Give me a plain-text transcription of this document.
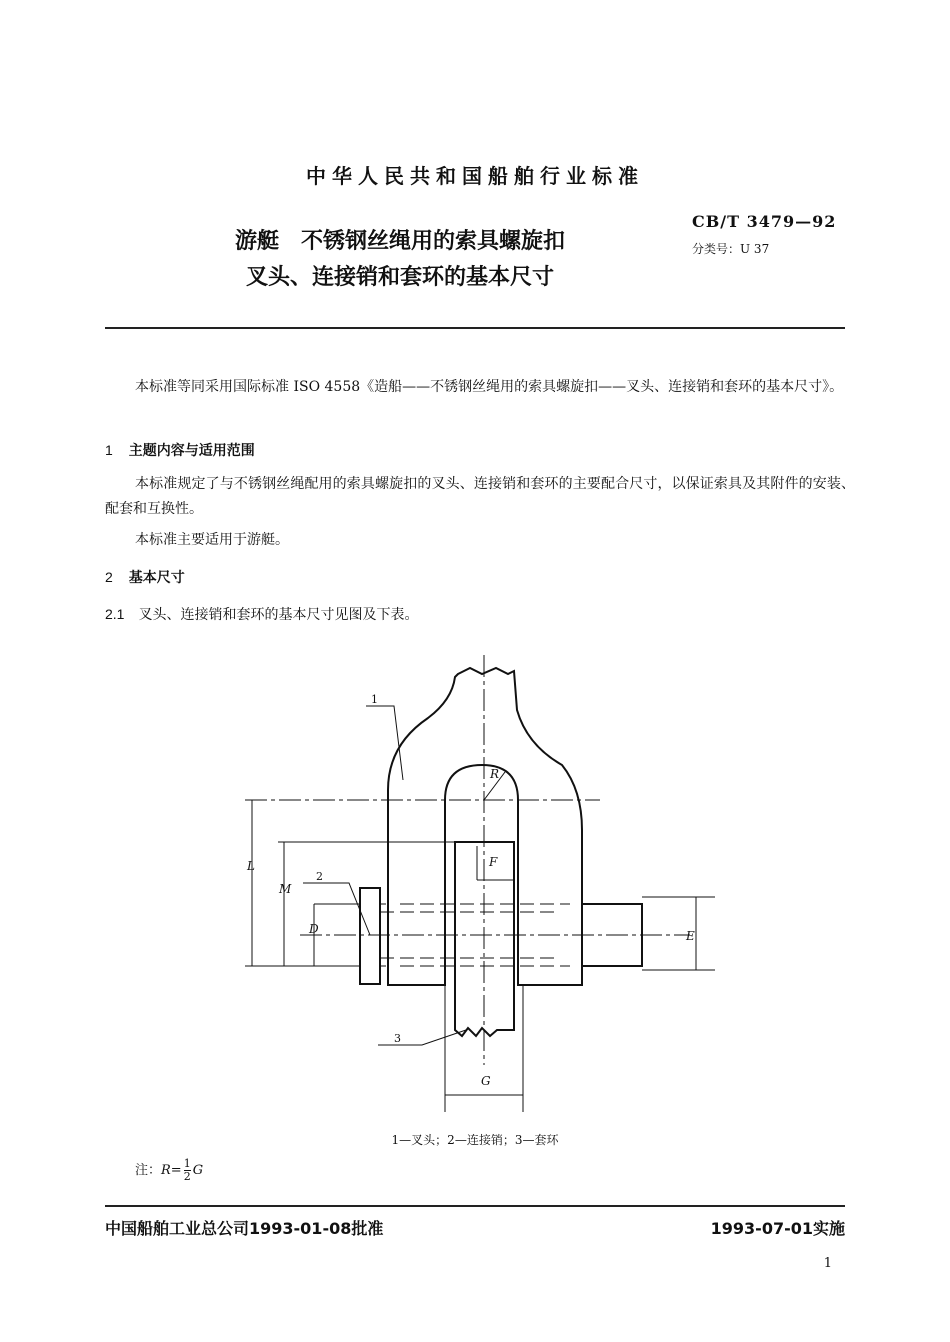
中华人民共和国船舶行业标准
游艇　不锈钢丝绳用的索具螺旋扣
叉头、连接销和套环的基本尺寸
CB/T 3479—92
分类号：U 37
本标准等同采用国际标准 ISO 4558《造船——不锈钢丝绳用的索具螺旋扣——叉头、连接销和套环的基本尺寸》。
1 主题内容与适用范围
本标准规定了与不锈钢丝绳配用的索具螺旋扣的叉头、连接销和套环的主要配合尺寸，以保证索具及其附件的安装、配套和互换性。
本标准主要适用于游艇。
2 基本尺寸
2.1 叉头、连接销和套环的基本尺寸见图及下表。
1
2
3
L
M
D	E
F
G
R
1—叉头；2—连接销；3—套环
注：$R= \frac{1}{2}$ G
中国船舶工业总公司1993-01-08批准	1993-07-01实施
1
